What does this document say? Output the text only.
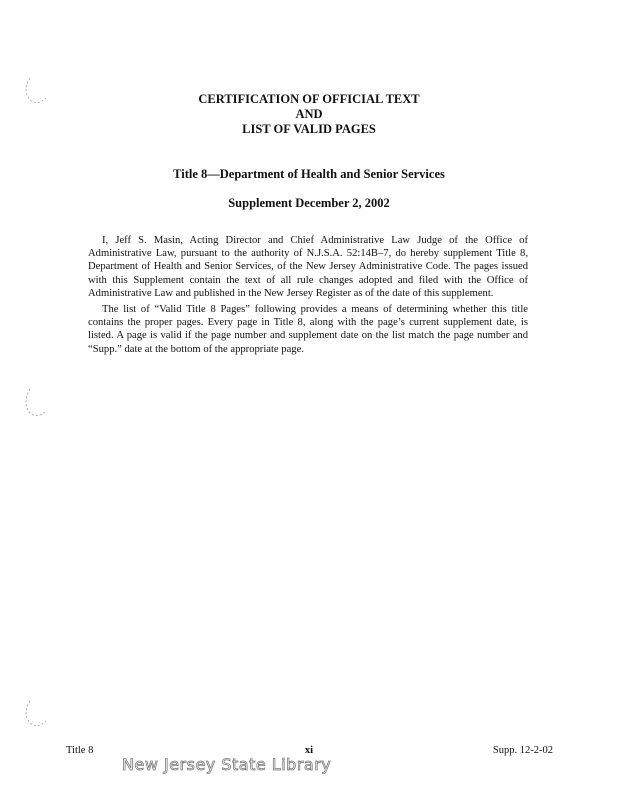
CERTIFICATION OF OFFICIAL TEXT
AND
LIST OF VALID PAGES
Title 8—Department of Health and Senior Services
Supplement December 2, 2002

I, Jeff S. Masin, Acting Director and Chief Administrative Law Judge of the Office of Administrative Law, pursuant to the authority of N.J.S.A. 52:14B–7, do hereby supplement Title 8, Department of Health and Senior Services, of the New Jersey Administrative Code. The pages issued with this Supplement contain the text of all rule changes adopted and filed with the Office of Administrative Law and published in the New Jersey Register as of the date of this supplement.

The list of “Valid Title 8 Pages” following provides a means of determining whether this title contains the proper pages. Every page in Title 8, along with the page’s current supplement date, is listed. A page is valid if the page number and supplement date on the list match the page number and “Supp.” date at the bottom of the appropriate page.

Title 8	xi	Supp. 12-2-02
New Jersey State Library
